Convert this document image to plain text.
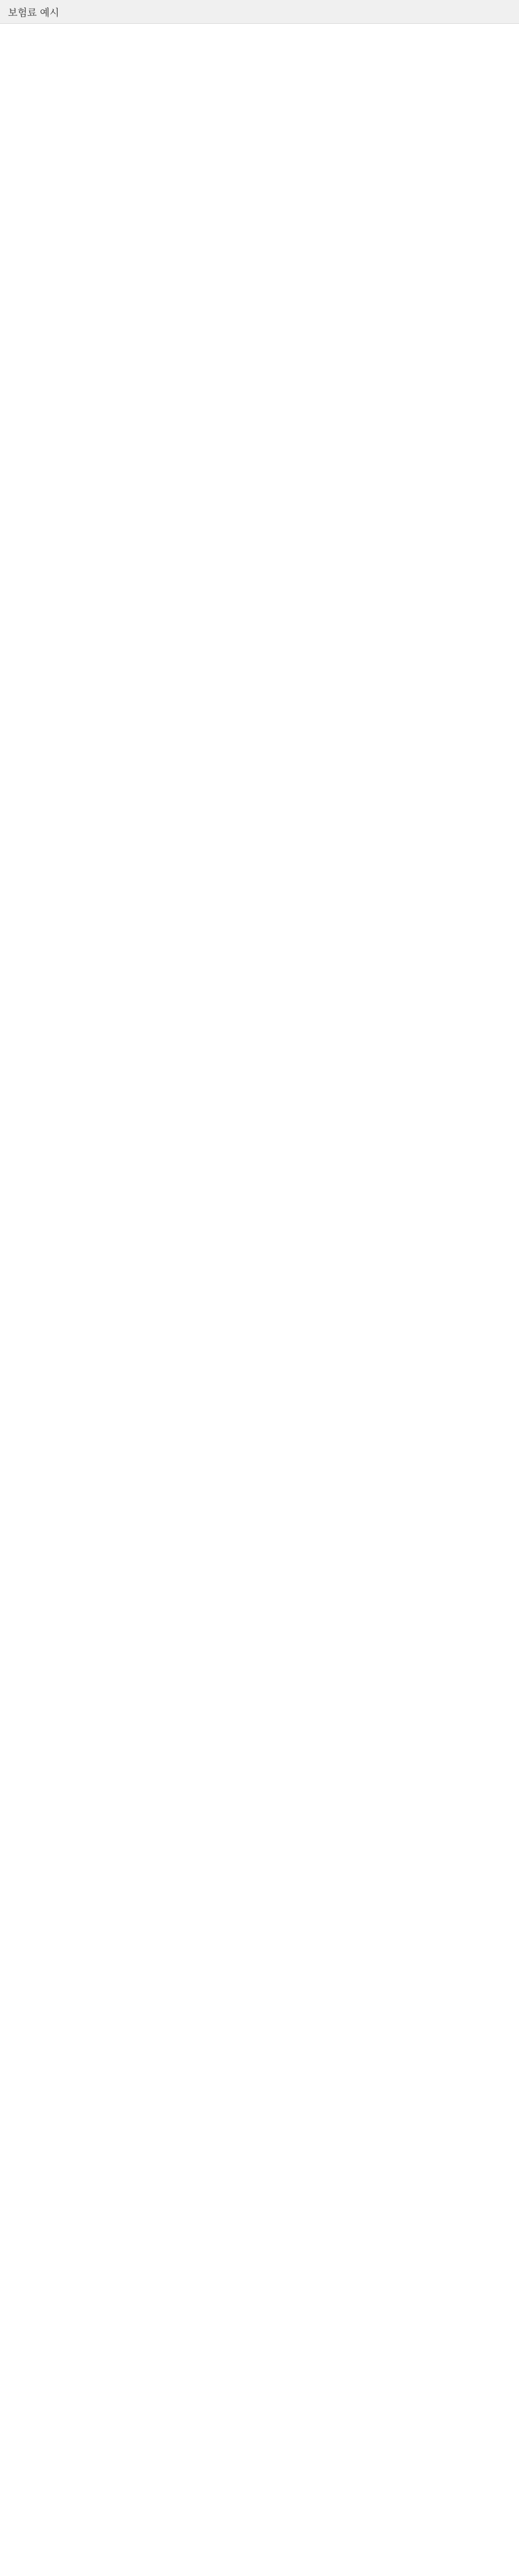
보험료 예시
